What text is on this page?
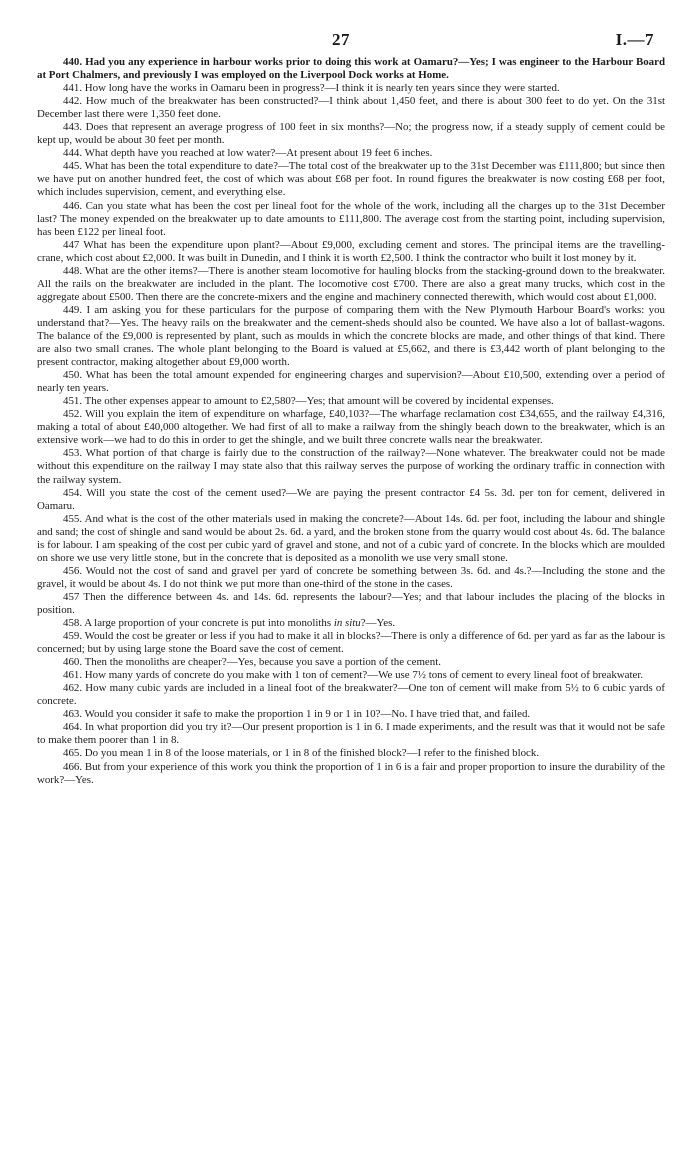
27	I.—7

440. Had you any experience in harbour works prior to doing this work at Oamaru?—Yes; I was engineer to the Harbour Board at Port Chalmers, and previously I was employed on the Liverpool Dock works at Home.

441. How long have the works in Oamaru been in progress?—I think it is nearly ten years since they were started.

442. How much of the breakwater has been constructed?—I think about 1,450 feet, and there is about 300 feet to do yet. On the 31st December last there were 1,350 feet done.

443. Does that represent an average progress of 100 feet in six months?—No; the progress now, if a steady supply of cement could be kept up, would be about 30 feet per month.

444. What depth have you reached at low water?—At present about 19 feet 6 inches.

445. What has been the total expenditure to date?—The total cost of the breakwater up to the 31st December was £111,800; but since then we have put on another hundred feet, the cost of which was about £68 per foot. In round figures the breakwater is now costing £68 per foot, which includes supervision, cement, and everything else.

446. Can you state what has been the cost per lineal foot for the whole of the work, including all the charges up to the 31st December last? The money expended on the breakwater up to date amounts to £111,800. The average cost from the starting point, including supervision, has been £122 per lineal foot.

447 What has been the expenditure upon plant?—About £9,000, excluding cement and stores. The principal items are the travelling-crane, which cost about £2,000. It was built in Dunedin, and I think it is worth £2,500. I think the contractor who built it lost money by it.

448. What are the other items?—There is another steam locomotive for hauling blocks from the stacking-ground down to the breakwater. All the rails on the breakwater are included in the plant. The locomotive cost £700. There are also a great many trucks, which cost in the aggregate about £500. Then there are the concrete-mixers and the engine and machinery connected therewith, which would cost about £1,000.

449. I am asking you for these particulars for the purpose of comparing them with the New Plymouth Harbour Board's works: you understand that?—Yes. The heavy rails on the breakwater and the cement-sheds should also be counted. We have also a lot of ballast-wagons. The balance of the £9,000 is represented by plant, such as moulds in which the concrete blocks are made, and other things of that kind. There are also two small cranes. The whole plant belonging to the Board is valued at £5,662, and there is £3,442 worth of plant belonging to the present contractor, making altogether about £9,000 worth.

450. What has been the total amount expended for engineering charges and supervision?—About £10,500, extending over a period of nearly ten years.

451. The other expenses appear to amount to £2,580?—Yes; that amount will be covered by incidental expenses.

452. Will you explain the item of expenditure on wharfage, £40,103?—The wharfage reclamation cost £34,655, and the railway £4,316, making a total of about £40,000 altogether. We had first of all to make a railway from the shingly beach down to the breakwater, which is an extensive work—we had to do this in order to get the shingle, and we built three concrete walls near the breakwater.

453. What portion of that charge is fairly due to the construction of the railway?—None whatever. The breakwater could not be made without this expenditure on the railway I may state also that this railway serves the purpose of working the ordinary traffic in connection with the railway system.

454. Will you state the cost of the cement used?—We are paying the present contractor £4 5s. 3d. per ton for cement, delivered in Oamaru.

455. And what is the cost of the other materials used in making the concrete?—About 14s. 6d. per foot, including the labour and shingle and sand; the cost of shingle and sand would be about 2s. 6d. a yard, and the broken stone from the quarry would cost about 4s. 6d. The balance is for labour. I am speaking of the cost per cubic yard of gravel and stone, and not of a cubic yard of concrete. In the blocks which are moulded on shore we use very little stone, but in the concrete that is deposited as a monolith we use very small stone.

456. Would not the cost of sand and gravel per yard of concrete be something between 3s. 6d. and 4s.?—Including the stone and the gravel, it would be about 4s. I do not think we put more than one-third of the stone in the cases.

457 Then the difference between 4s. and 14s. 6d. represents the labour?—Yes; and that labour includes the placing of the blocks in position.

458. A large proportion of your concrete is put into monoliths in situ?—Yes.

459. Would the cost be greater or less if you had to make it all in blocks?—There is only a difference of 6d. per yard as far as the labour is concerned; but by using large stone the Board save the cost of cement.

460. Then the monoliths are cheaper?—Yes, because you save a portion of the cement.

461. How many yards of concrete do you make with 1 ton of cement?—We use 7½ tons of cement to every lineal foot of breakwater.

462. How many cubic yards are included in a lineal foot of the breakwater?—One ton of cement will make from 5½ to 6 cubic yards of concrete.

463. Would you consider it safe to make the proportion 1 in 9 or 1 in 10?—No. I have tried that, and failed.

464. In what proportion did you try it?—Our present proportion is 1 in 6. I made experiments, and the result was that it would not be safe to make them poorer than 1 in 8.

465. Do you mean 1 in 8 of the loose materials, or 1 in 8 of the finished block?—I refer to the finished block.

466. But from your experience of this work you think the proportion of 1 in 6 is a fair and proper proportion to insure the durability of the work?—Yes.
